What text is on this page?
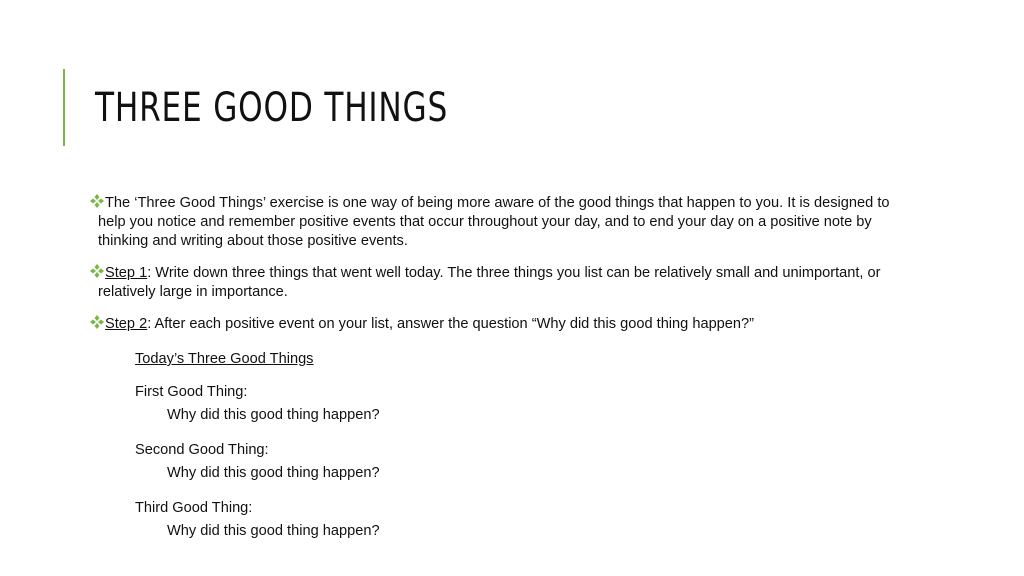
THREE GOOD THINGS
The ‘Three Good Things’ exercise is one way of being more aware of the good things that happen to you. It is designed to help you notice and remember positive events that occur throughout your day, and to end your day on a positive note by thinking and writing about those positive events.
Step 1: Write down three things that went well today. The three things you list can be relatively small and unimportant, or relatively large in importance.
Step 2: After each positive event on your list, answer the question “Why did this good thing happen?”
Today’s Three Good Things
First Good Thing:
Why did this good thing happen?
Second Good Thing:
Why did this good thing happen?
Third Good Thing:
Why did this good thing happen?
